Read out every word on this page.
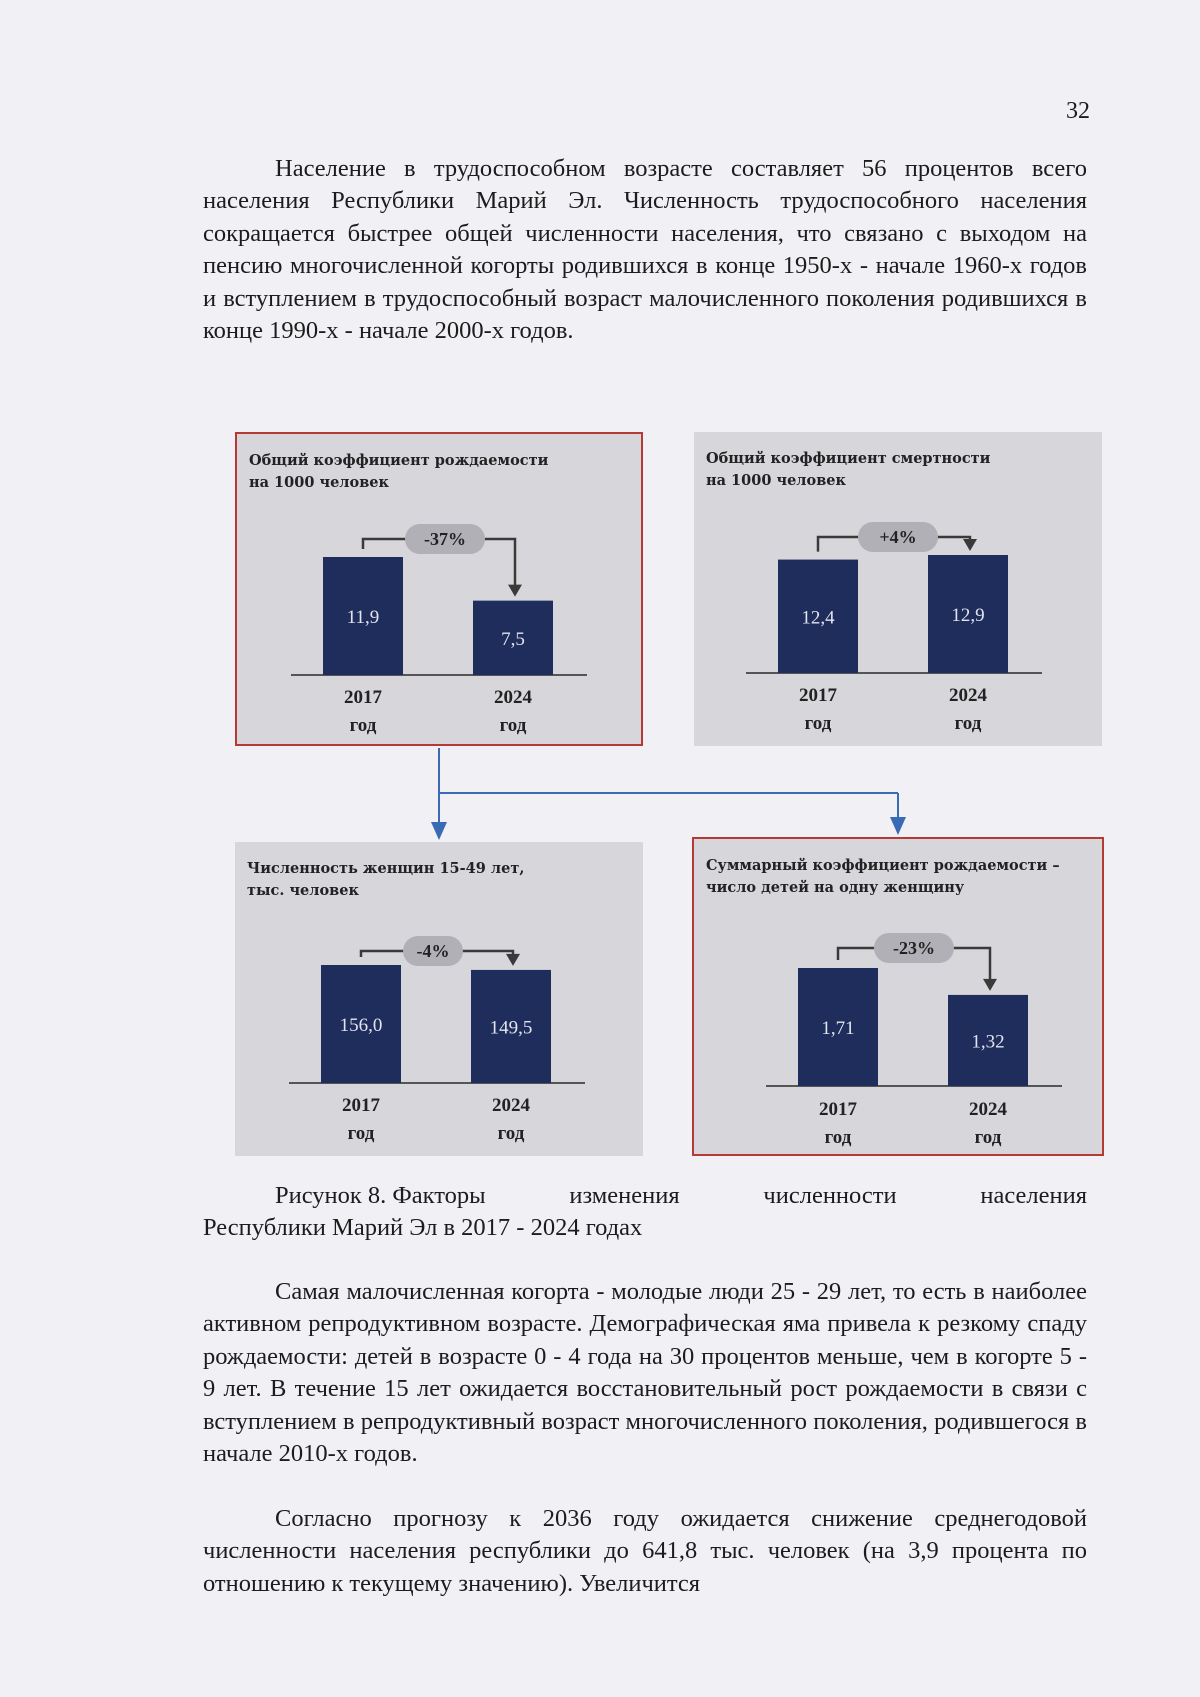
32

Население в трудоспособном возрасте составляет 56 процентов всего населения Республики Марий Эл. Численность трудоспособного населения сокращается быстрее общей численности населения, что связано с выходом на пенсию многочисленной когорты родившихся в конце 1950-х - начале 1960-х годов и вступлением в трудоспособный возраст малочисленного поколения родившихся в конце 1990-х - начале 2000-х годов.

Общий коэффициент рождаемости
на 1000 человек
11,9
7,5
-37%
2017
год
2024
год
Общий коэффициент смертности
на 1000 человек
12,4	12,9
+4%
2017
год
2024
год
Численность женщин 15-49 лет,
тыс. человек
156,0	149,5
-4%
2017
год
2024
год
Суммарный коэффициент рождаемости –
число детей на одну женщину
1,71
1,32
-23%
2017
год
2024
год
Рисунок 8. Факторы	изменения	численности	населения
Республики Марий Эл в 2017 - 2024 годах

Самая малочисленная когорта - молодые люди 25 - 29 лет, то есть в наиболее активном репродуктивном возрасте. Демографическая яма привела к резкому спаду рождаемости: детей в возрасте 0 - 4 года на 30 процентов меньше, чем в когорте 5 - 9 лет. В течение 15 лет ожидается восстановительный рост рождаемости в связи с вступлением в репродуктивный возраст многочисленного поколения, родившегося в начале 2010-х годов.

Согласно прогнозу к 2036 году ожидается снижение среднегодовой численности населения республики до 641,8 тыс. человек (на 3,9 процента по отношению к текущему значению). Увеличится
